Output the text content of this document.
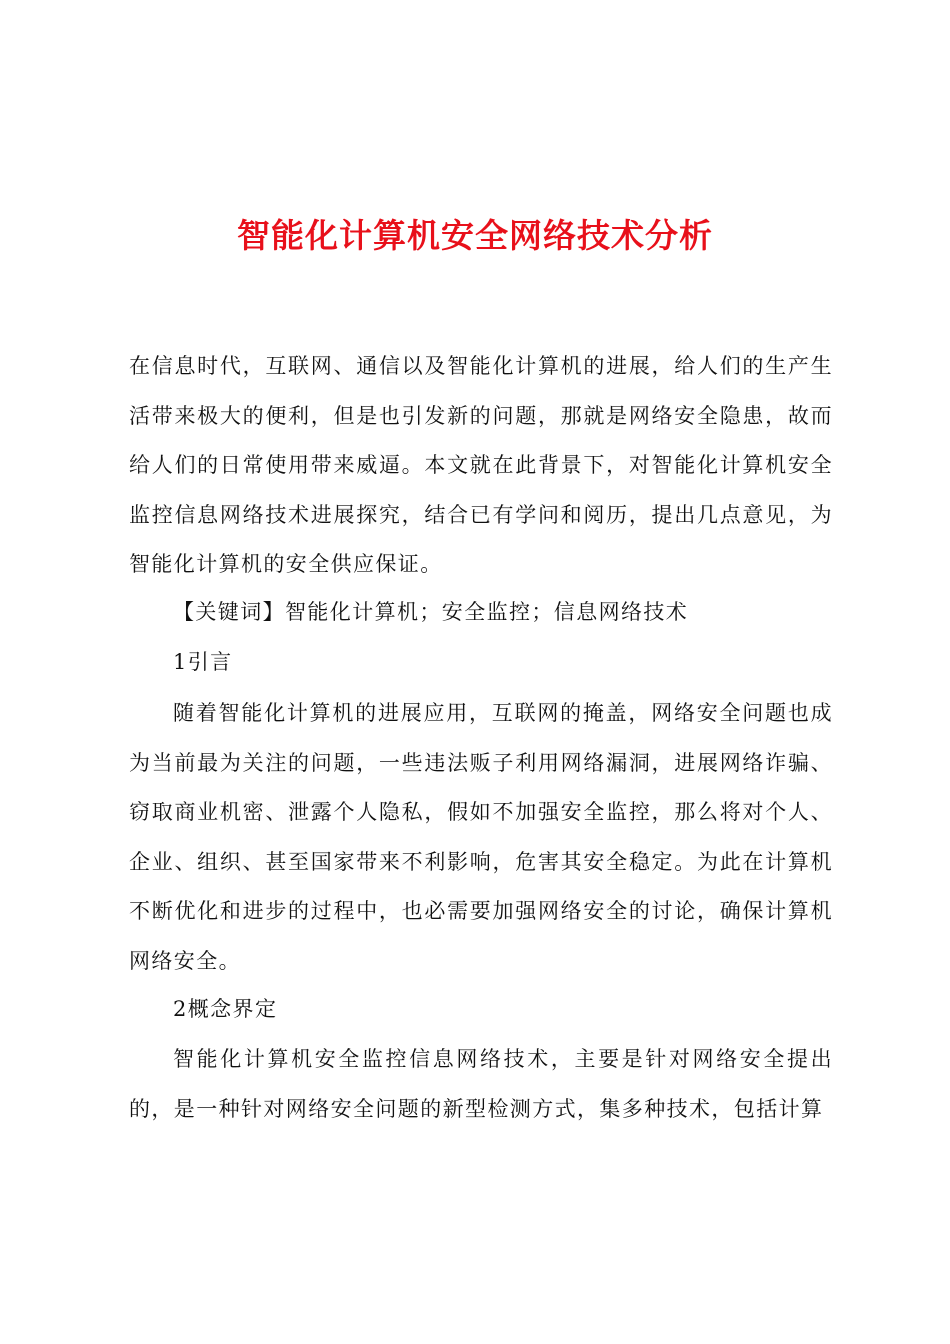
智能化计算机安全网络技术分析

在信息时代，互联网、通信以及智能化计算机的进展，给人们的生产生活带来极大的便利，但是也引发新的问题，那就是网络安全隐患，故而给人们的日常使用带来威逼。本文就在此背景下，对智能化计算机安全监控信息网络技术进展探究，结合已有学问和阅历，提出几点意见，为智能化计算机的安全供应保证。

【关键词】智能化计算机；安全监控；信息网络技术
1引言

随着智能化计算机的进展应用，互联网的掩盖，网络安全问题也成为当前最为关注的问题，一些违法贩子利用网络漏洞，进展网络诈骗、窃取商业机密、泄露个人隐私，假如不加强安全监控，那么将对个人、企业、组织、甚至国家带来不利影响，危害其安全稳定。为此在计算机不断优化和进步的过程中，也必需要加强网络安全的讨论，确保计算机网络安全。

2概念界定

智能化计算机安全监控信息网络技术，主要是针对网络安全提出的，是一种针对网络安全问题的新型检测方式，集多种技术，包括计算
